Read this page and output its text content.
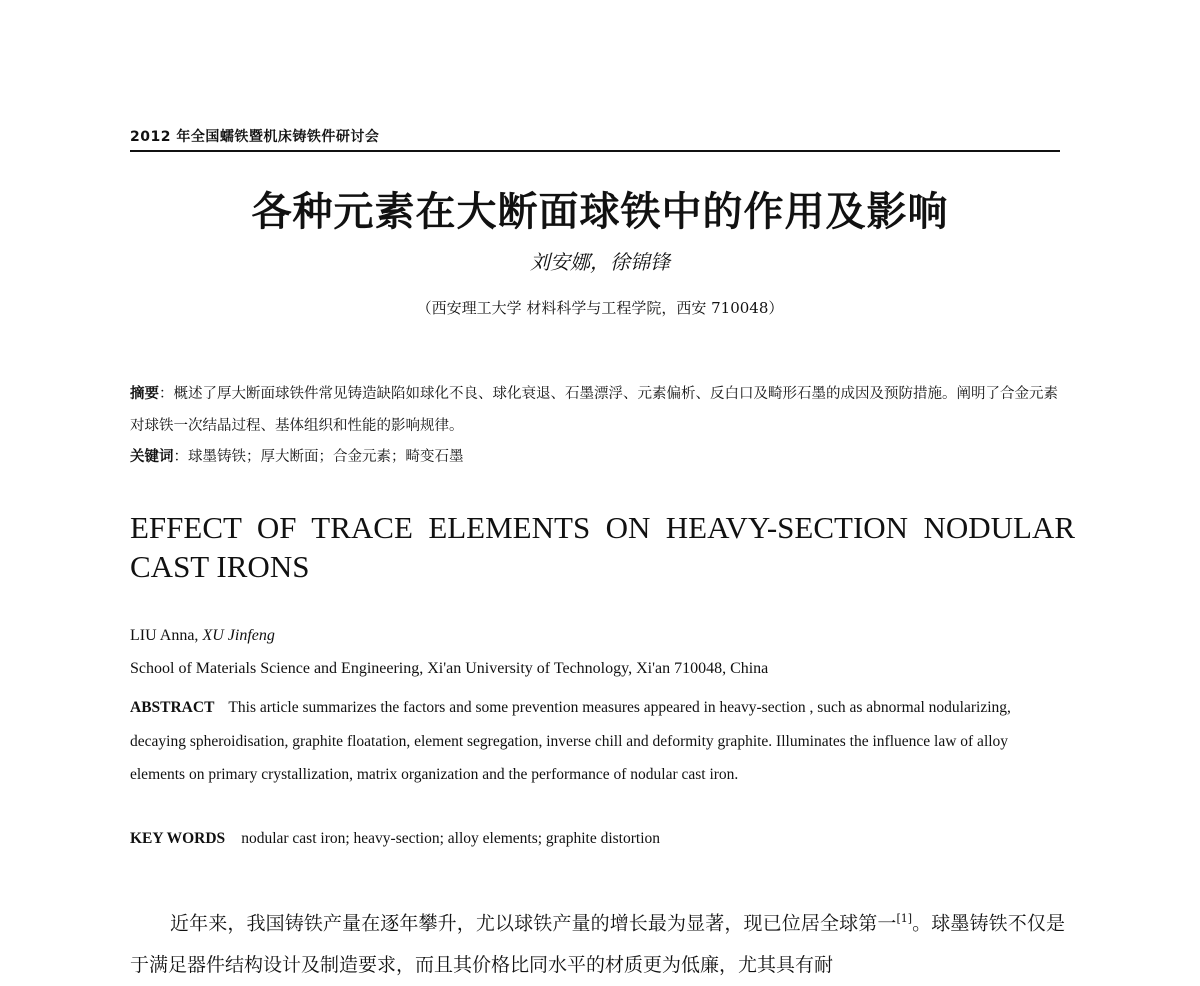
2012 年全国蠕铁暨机床铸铁件研讨会
各种元素在大断面球铁中的作用及影响
刘安娜，徐锦锋
（西安理工大学 材料科学与工程学院，西安 710048）
摘要：概述了厚大断面球铁件常见铸造缺陷如球化不良、球化衰退、石墨漂浮、元素偏析、反白口及畸形石墨的成因及预防措施。阐明了合金元素对球铁一次结晶过程、基体组织和性能的影响规律。
关键词：球墨铸铁；厚大断面；合金元素；畸变石墨
EFFECT OF TRACE ELEMENTS ON HEAVY-SECTION NODULAR CAST IRONS
LIU Anna, XU Jinfeng
School of Materials Science and Engineering, Xi'an University of Technology, Xi'an 710048, China
ABSTRACT This article summarizes the factors and some prevention measures appeared in heavy-section , such as abnormal nodularizing, decaying spheroidisation, graphite floatation, element segregation, inverse chill and deformity graphite. Illuminates the influence law of alloy elements on primary crystallization, matrix organization and the performance of nodular cast iron.
KEY WORDS nodular cast iron; heavy-section; alloy elements; graphite distortion
近年来，我国铸铁产量在逐年攀升，尤以球铁产量的增长最为显著，现已位居全球第一[1]。球墨铸铁不仅是于满足器件结构设计及制造要求，而且其价格比同水平的材质更为低廉，尤其具有耐
